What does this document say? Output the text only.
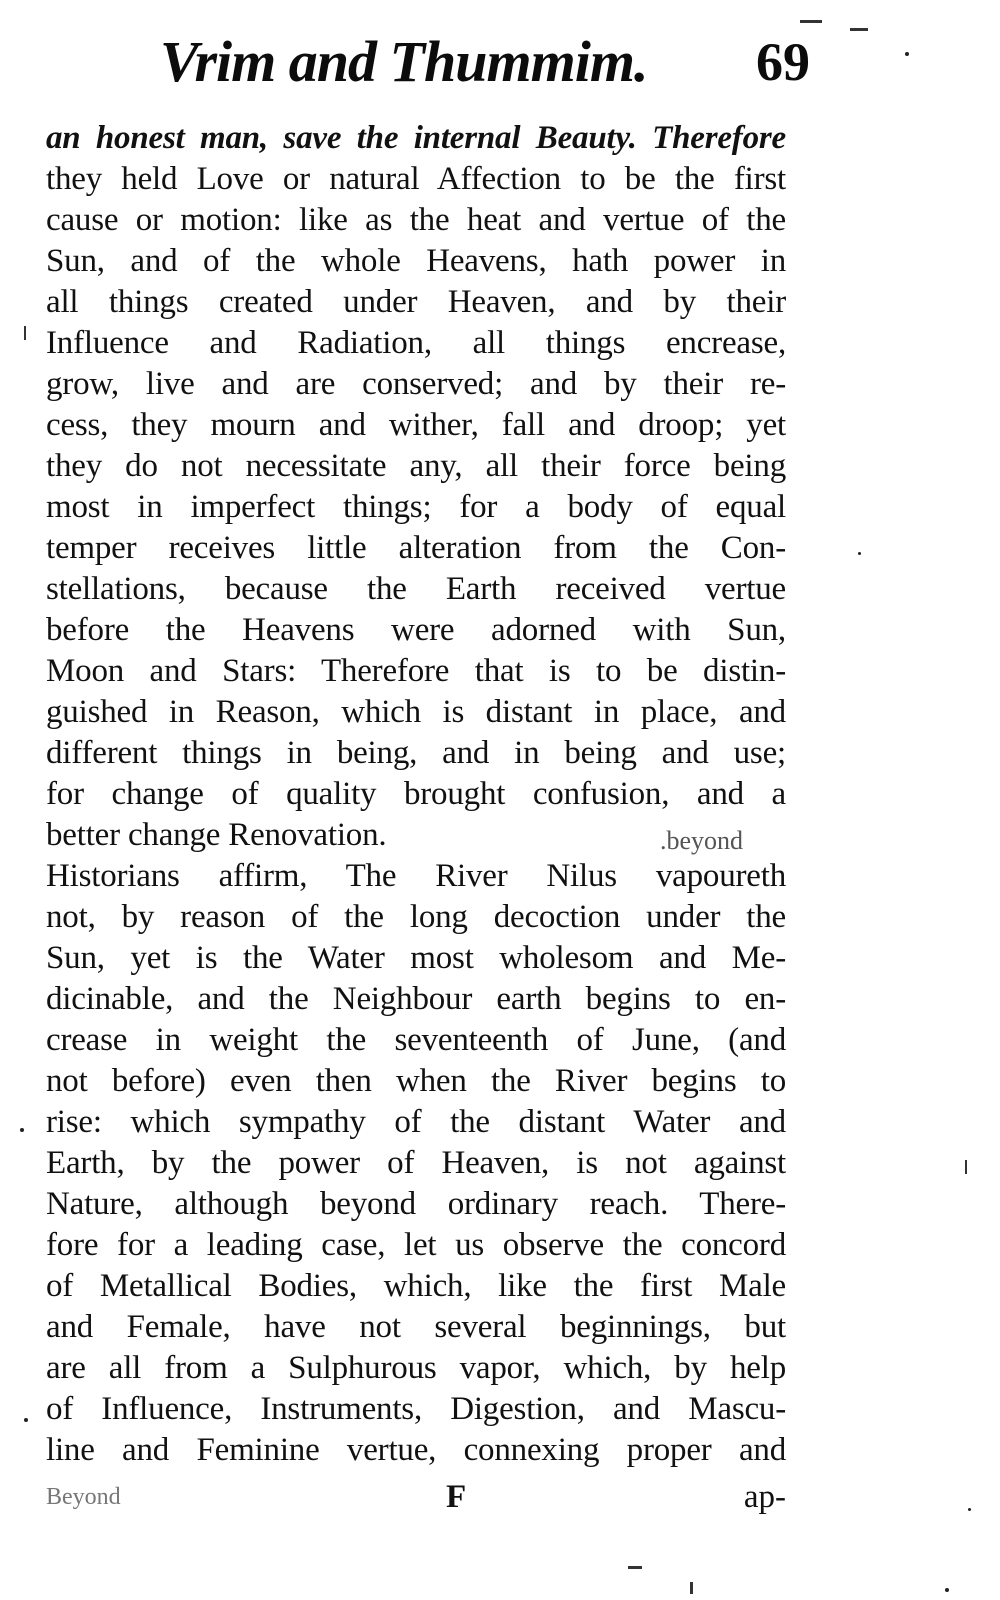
Vrim and Thummim. 69
an honest man, save the internal Beauty. Therefore
they held Love or natural Affection to be the first
cause or motion: like as the heat and vertue of the
Sun, and of the whole Heavens, hath power in
all things created under Heaven, and by their
Influence and Radiation, all things encrease,
grow, live and are conserved; and by their re-
cess, they mourn and wither, fall and droop; yet
they do not necessitate any, all their force being
most in imperfect things; for a body of equal
temper receives little alteration from the Con-
stellations, because the Earth received vertue
before the Heavens were adorned with Sun,
Moon and Stars: Therefore that is to be distin-
guished in Reason, which is distant in place, and
different things in being, and in being and use;
for change of quality brought confusion, and a
better change Renovation.
Historians affirm, The River Nilus vapoureth
not, by reason of the long decoction under the
Sun, yet is the Water most wholesom and Me-
dicinable, and the Neighbour earth begins to en-
crease in weight the seventeenth of June, (and
not before) even then when the River begins to
rise: which sympathy of the distant Water and
Earth, by the power of Heaven, is not against
Nature, although beyond ordinary reach. There-
fore for a leading case, let us observe the concord
of Metallical Bodies, which, like the first Male
and Female, have not several beginnings, but
are all from a Sulphurous vapor, which, by help
of Influence, Instruments, Digestion, and Mascu-
line and Feminine vertue, connexing proper and
.beyond
Beyond	F	ap-
